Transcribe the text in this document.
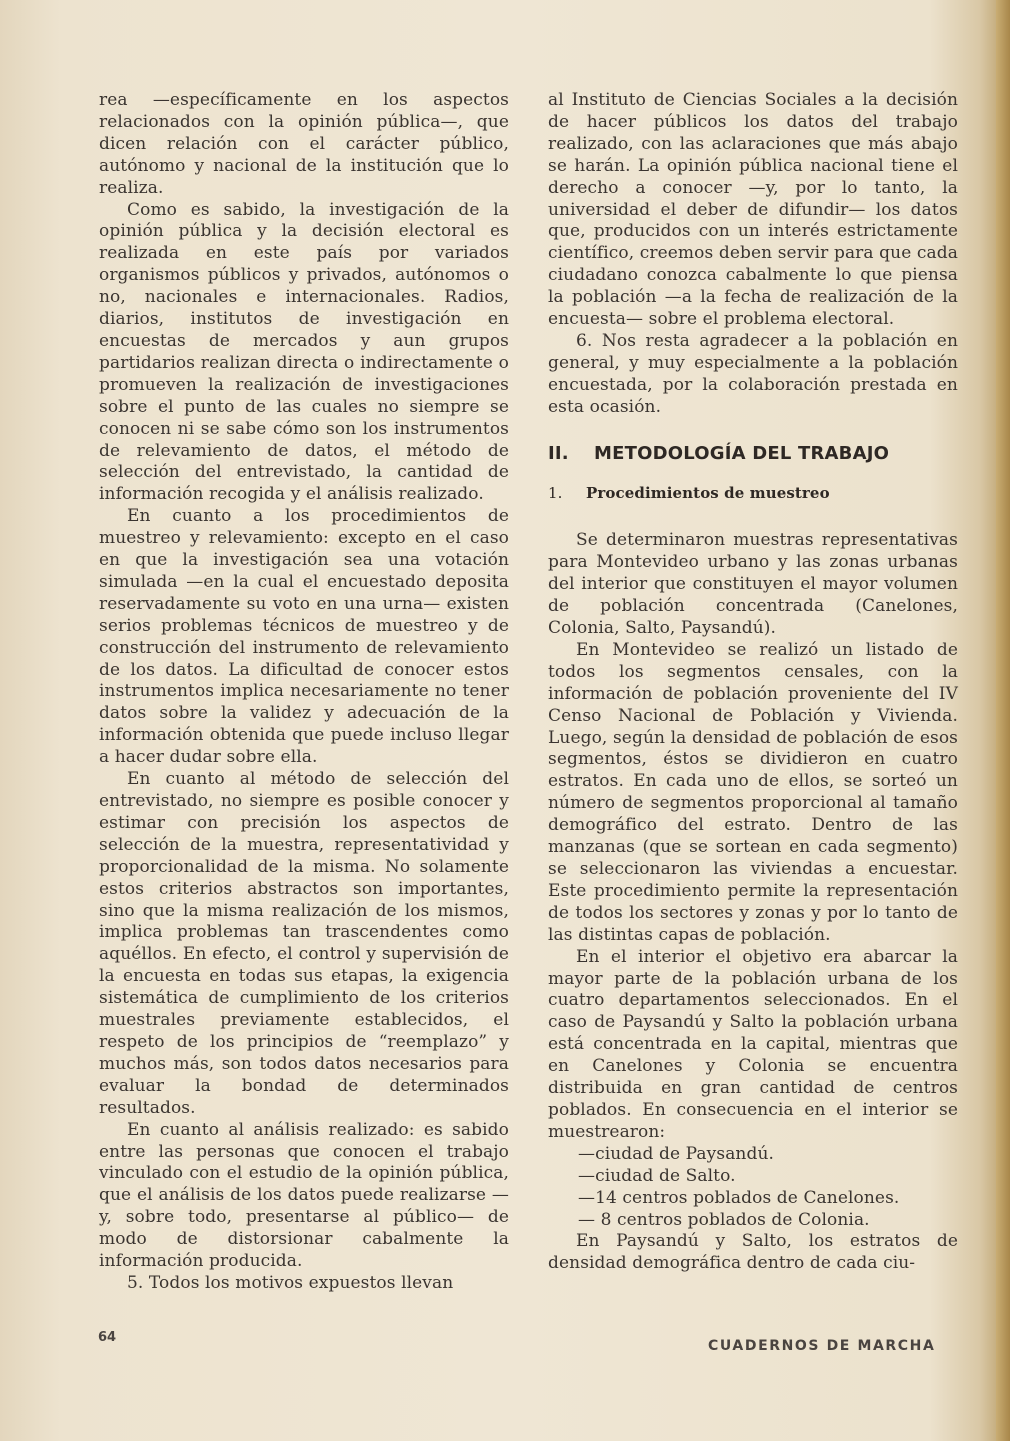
rea —específicamente en los aspectos relacionados con la opinión pública—, que dicen relación con el carácter público, autónomo y nacional de la institución que lo realiza.

Como es sabido, la investigación de la opinión pública y la decisión electoral es realizada en este país por variados organismos públicos y privados, autónomos o no, nacionales e internacionales. Radios, diarios, institutos de investigación en encuestas de mercados y aun grupos partidarios realizan directa o indirectamente o promueven la realización de investigaciones sobre el punto de las cuales no siempre se conocen ni se sabe cómo son los instrumentos de relevamiento de datos, el método de selección del entrevistado, la cantidad de información recogida y el análisis realizado.

En cuanto a los procedimientos de muestreo y relevamiento: excepto en el caso en que la investigación sea una votación simulada —en la cual el encuestado deposita reservadamente su voto en una urna— existen serios problemas técnicos de muestreo y de construcción del instrumento de relevamiento de los datos. La dificultad de conocer estos instrumentos implica necesariamente no tener datos sobre la validez y adecuación de la información obtenida que puede incluso llegar a hacer dudar sobre ella.

En cuanto al método de selección del entrevistado, no siempre es posible conocer y estimar con precisión los aspectos de selección de la muestra, representatividad y proporcionalidad de la misma. No solamente estos criterios abstractos son importantes, sino que la misma realización de los mismos, implica problemas tan trascendentes como aquéllos. En efecto, el control y supervisión de la encuesta en todas sus etapas, la exigencia sistemática de cumplimiento de los criterios muestrales previamente establecidos, el respeto de los principios de “reemplazo” y muchos más, son todos datos necesarios para evaluar la bondad de determinados resultados.

En cuanto al análisis realizado: es sabido entre las personas que conocen el trabajo vinculado con el estudio de la opinión pública, que el análisis de los datos puede realizarse —y, sobre todo, presentarse al público— de modo de distorsionar cabalmente la información producida.

5. Todos los motivos expuestos llevan

al Instituto de Ciencias Sociales a la decisión de hacer públicos los datos del trabajo realizado, con las aclaraciones que más abajo se harán. La opinión pública nacional tiene el derecho a conocer —y, por lo tanto, la universidad el deber de difundir— los datos que, producidos con un interés estrictamente científico, creemos deben servir para que cada ciudadano conozca cabalmente lo que piensa la población —a la fecha de realización de la encuesta— sobre el problema electoral.

6. Nos resta agradecer a la población en general, y muy especialmente a la población encuestada, por la colaboración prestada en esta ocasión.

II. METODOLOGÍA DEL TRABAJO
1. Procedimientos de muestreo

Se determinaron muestras representativas para Montevideo urbano y las zonas urbanas del interior que constituyen el mayor volumen de población concentrada (Canelones, Colonia, Salto, Paysandú).

En Montevideo se realizó un listado de todos los segmentos censales, con la información de población proveniente del IV Censo Nacional de Población y Vivienda. Luego, según la densidad de población de esos segmentos, éstos se dividieron en cuatro estratos. En cada uno de ellos, se sorteó un número de segmentos proporcional al tamaño demográfico del estrato. Dentro de las manzanas (que se sortean en cada segmento) se seleccionaron las viviendas a encuestar. Este procedimiento permite la representación de todos los sectores y zonas y por lo tanto de las distintas capas de población.

En el interior el objetivo era abarcar la mayor parte de la población urbana de los cuatro departamentos seleccionados. En el caso de Paysandú y Salto la población urbana está concentrada en la capital, mientras que en Canelones y Colonia se encuentra distribuida en gran cantidad de centros poblados. En consecuencia en el interior se muestrearon:

—ciudad de Paysandú.

—ciudad de Salto.

—14 centros poblados de Canelones.

— 8 centros poblados de Colonia.

En Paysandú y Salto, los estratos de densidad demográfica dentro de cada ciu-

64
CUADERNOS DE MARCHA
